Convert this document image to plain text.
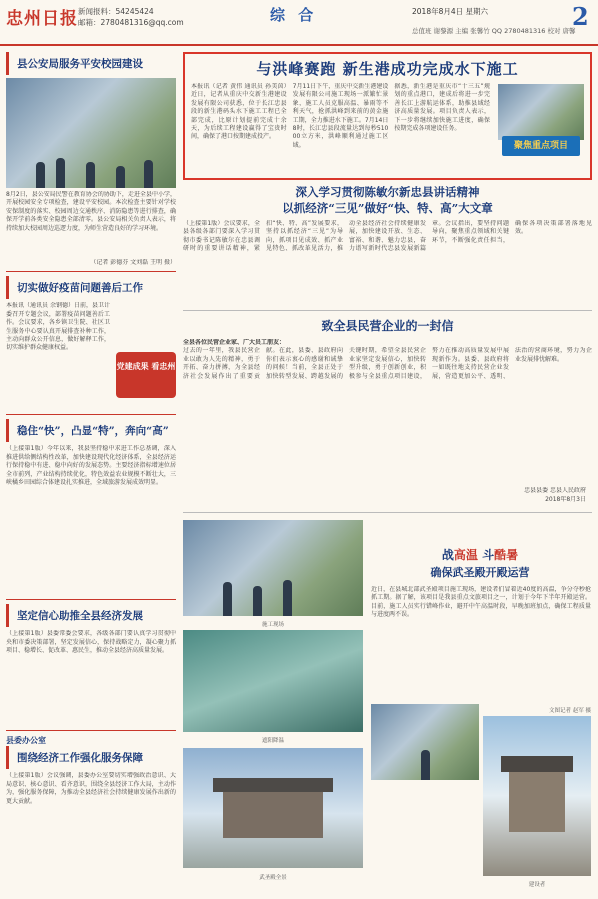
忠州日报 新闻报料：54245424
邮箱：2780481316@qq.com	综 合	2018年8月4日 星期六
总值班 谢黎源 主编 张馨竹 QQ 2780481316 校对 唐馨
2
县公安局服务平安校园建设
8月2日，县公安局民警在教育协会的协助下，走进全县中小学，开展校园安全专项检查，建设平安校园。本次检查主要针对学校安保制度的落实、校园周边交通秩序、消防隐患等进行排查，确保开学前各类安全隐患全部清零。县公安局相关负责人表示，将持续加大校园周边巡逻力度，为师生营造良好的学习环境。
（记者 彭德芬 文刘磊 王明 摄）
切实做好疫苗问题善后工作
本报讯（通讯员 余钢德）日前，县卫计委召开专题会议，部署疫苗问题善后工作。会议要求，各乡镇卫生院、社区卫生服务中心要认真开展排查补种工作，主动向群众公开信息，做好解释工作，切实维护群众健康权益。
党建成果 看忠州
稳住“快”，凸显“特”，奔向“高”
（上接第1版）今年以来，我县坚持稳中求进工作总基调，深入推进供给侧结构性改革，加快建设现代化经济体系，全县经济运行保持稳中有进、稳中向好的发展态势。主要经济指标增速位居全市前列，产业结构持续优化，特色效益农业规模不断壮大，三峡橘乡田园综合体建设扎实推进，全域旅游发展成效明显。
坚定信心助推全县经济发展
（上接第1版）县委常委会要求，各级各部门要认真学习贯彻中央和市委决策部署，坚定发展信心，保持战略定力，凝心聚力抓项目、稳增长、促改革、惠民生，推动全县经济高质量发展。
县委办公室
围绕经济工作强化服务保障
（上接第1版）会议强调，县委办公室要切实增强政治意识、大局意识、核心意识、看齐意识，围绕全县经济工作大局，主动作为，强化服务保障，为推动全县经济社会持续健康发展作出新的更大贡献。
与洪峰赛跑 新生港成功完成水下施工
本报讯（记者 黄伟 通讯员 孙美茵）近日，记者从重庆中交新生港建设发展有限公司获悉，位于长江忠县段的新生港码头水下施工工程已全部完成，比原计划提前完成十余天，为后续工程建设赢得了宝贵时间，确保了港口按期建成投产。
7月11日下午，重庆中交新生港建设发展有限公司施工现场一派繁忙景象，施工人员克服高温、暴雨等不利天气，抢抓洪峰到来前的黄金施工期，全力推进水下施工。7月14日8时，长江忠县段流量达到每秒51000立方米，洪峰顺利通过施工区域。
据悉，新生港是重庆市“十三五”规划的重点港口，建成后将进一步完善长江上游航运体系，助推县域经济高质量发展。项目负责人表示，下一步将继续加快施工进度，确保按期完成各项建设任务。
聚焦重点项目
深入学习贯彻陈敏尔新忠县讲话精神
以抓经济“三见”做好“快、特、高”大文章
（上接第1版）会议要求，全县各级各部门要深入学习贯彻市委书记陈敏尔在忠县调研时的重要讲话精神，紧扣“快、特、高”发展要求，坚持以抓经济“三见”为导向，抓项目见成效、抓产业见特色、抓改革见活力，推动全县经济社会持续健康发展，加快建设开放、生态、富裕、和谐、魅力忠县，奋力谱写新时代忠县发展新篇章。会议指出，要坚持问题导向，聚焦重点领域和关键环节，不断强化责任担当，确保各项决策部署落地见效。
致全县民营企业的一封信
全县各位民营企业家、广大员工朋友：
过去的一年里，我县民营企业以敢为人先的精神，勇于开拓、奋力拼搏，为全县经济社会发展作出了重要贡献。在此，县委、县政府向你们表示衷心的感谢和诚挚的问候！当前，全县正处于加快转型发展、跨越发展的关键时期，希望全县民营企业家坚定发展信心，加快转型升级，勇于创新创业，积极参与全县重点项目建设，努力在推动高质量发展中展现新作为。县委、县政府将一如既往地支持民营企业发展，营造更加公平、透明、法治的营商环境，努力为企业发展排忧解难。
忠县县委 忠县人民政府
2018年8月3日
施工现场
遮阳降温
武圣殿全景
战高温 斗酷暑
确保武圣殿开殿运营
近日，在县城北部武圣殿项目施工现场，建设者们冒着近40度的高温，争分夺秒抢抓工期。据了解，该项目是我县重点文旅项目之一，计划于今年下半年开殿运营。目前，施工人员实行错峰作业，避开中午高温时段，早晚加班加点，确保工程质量与进度两不误。
文图记者 赵军 摄
建设者
